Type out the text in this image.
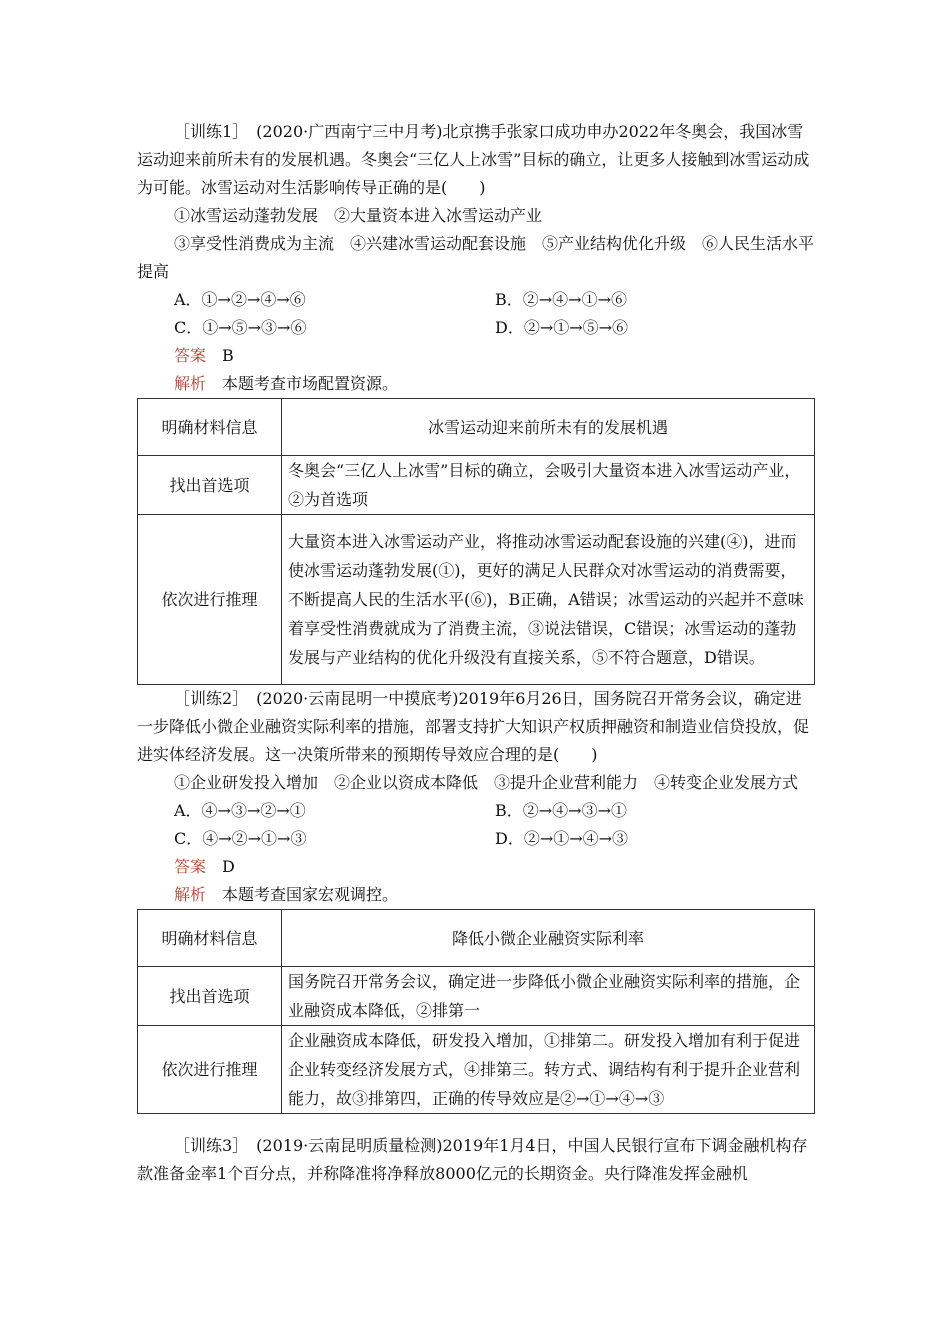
［训练1］　(2020·广西南宁三中月考)北京携手张家口成功申办2022年冬奥会，我国冰雪运动迎来前所未有的发展机遇。冬奥会“三亿人上冰雪”目标的确立，让更多人接触到冰雪运动成为可能。冰雪运动对生活影响传导正确的是(　　)

①冰雪运动蓬勃发展　②大量资本进入冰雪运动产业

③享受性消费成为主流　④兴建冰雪运动配套设施　⑤产业结构优化升级　⑥人民生活水平提高

A．①→②→④→⑥	B．②→④→①→⑥
C．①→⑤→③→⑥	D．②→①→⑤→⑥
答案　 B
解析　 本题考查市场配置资源。
明确材料信息	冰雪运动迎来前所未有的发展机遇
找出首选项	冬奥会“三亿人上冰雪”目标的确立，会吸引大量资本进入冰雪运动产业，②为首选项
依次进行推理	大量资本进入冰雪运动产业，将推动冰雪运动配套设施的兴建(④)，进而使冰雪运动蓬勃发展(①)，更好的满足人民群众对冰雪运动的消费需要，不断提高人民的生活水平(⑥)，B正确，A错误；冰雪运动的兴起并不意味着享受性消费就成为了消费主流，③说法错误，C错误；冰雪运动的蓬勃发展与产业结构的优化升级没有直接关系，⑤不符合题意，D错误。

［训练2］　(2020·云南昆明一中摸底考)2019年6月26日，国务院召开常务会议，确定进一步降低小微企业融资实际利率的措施，部署支持扩大知识产权质押融资和制造业信贷投放，促进实体经济发展。这一决策所带来的预期传导效应合理的是(　　)

①企业研发投入增加　②企业以资成本降低　③提升企业营利能力　④转变企业发展方式

A．④→③→②→①	B．②→④→③→①
C．④→②→①→③	D．②→①→④→③
答案　 D
解析　 本题考查国家宏观调控。
明确材料信息	降低小微企业融资实际利率
找出首选项	国务院召开常务会议，确定进一步降低小微企业融资实际利率的措施，企业融资成本降低，②排第一
依次进行推理	企业融资成本降低，研发投入增加，①排第二。研发投入增加有利于促进企业转变经济发展方式，④排第三。转方式、调结构有利于提升企业营利能力，故③排第四，正确的传导效应是②→①→④→③

［训练3］　(2019·云南昆明质量检测)2019年1月4日，中国人民银行宣布下调金融机构存款准备金率1个百分点，并称降准将净释放8000亿元的长期资金。央行降准发挥金融机
